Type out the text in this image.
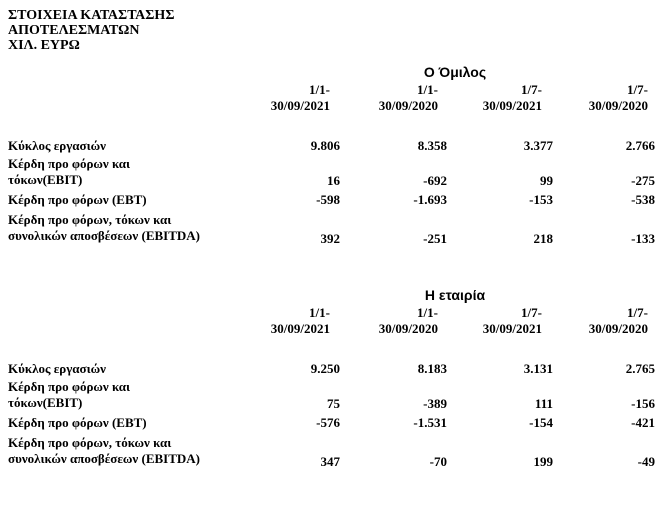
ΣΤΟΙΧΕΙΑ ΚΑΤΑΣΤΑΣΗΣ
ΑΠΟΤΕΛΕΣΜΑΤΩΝ
ΧΙΛ. ΕΥΡΩ
Ο Όμιλος
1/1-
30/09/2021
1/1-
30/09/2020
1/7-
30/09/2021
1/7-
30/09/2020
Κύκλος εργασιών	9.806	8.358	3.377	2.766
Κέρδη προ φόρων και
τόκων(ΕΒΙΤ)	16	-692	99	-275
Κέρδη προ φόρων (ΕΒΤ)	-598	-1.693	-153	-538
Κέρδη προ φόρων, τόκων και
συνολικών αποσβέσεων (EBITDA)	392	-251	218	-133
Η εταιρία
1/1-
30/09/2021
1/1-
30/09/2020
1/7-
30/09/2021
1/7-
30/09/2020
Κύκλος εργασιών	9.250	8.183	3.131	2.765
Κέρδη προ φόρων και
τόκων(ΕΒΙΤ)	75	-389	111	-156
Κέρδη προ φόρων (ΕΒΤ)	-576	-1.531	-154	-421
Κέρδη προ φόρων, τόκων και
συνολικών αποσβέσεων (EBITDA)	347	-70	199	-49
